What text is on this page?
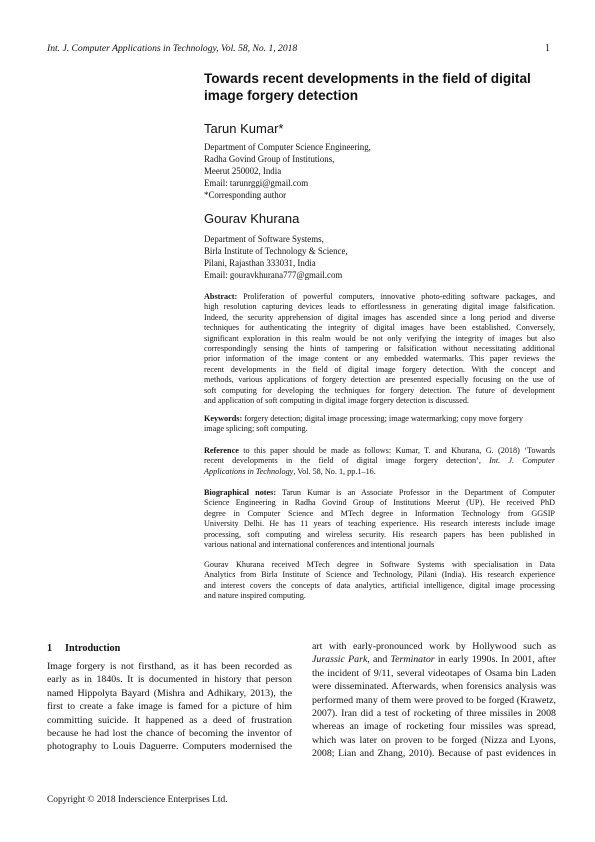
Int. J. Computer Applications in Technology, Vol. 58, No. 1, 2018	1
Towards recent developments in the field of digital
image forgery detection
Tarun Kumar*
Department of Computer Science Engineering,
Radha Govind Group of Institutions,
Meerut 250002, India
Email: tarunrggi@gmail.com
*Corresponding author
Gourav Khurana
Department of Software Systems,
Birla Institute of Technology & Science,
Pilani, Rajasthan 333031, India
Email: gouravkhurana777@gmail.com
Abstract: Proliferation of powerful computers, innovative photo-editing software packages, and
high resolution capturing devices leads to effortlessness in generating digital image falsification.
Indeed, the security apprehension of digital images has ascended since a long period and diverse
techniques for authenticating the integrity of digital images have been established. Conversely,
significant exploration in this realm would be not only verifying the integrity of images but also
correspondingly sensing the hints of tampering or falsification without necessitating additional
prior information of the image content or any embedded watermarks. This paper reviews the
recent developments in the field of digital image forgery detection. With the concept and
methods, various applications of forgery detection are presented especially focusing on the use of
soft computing for developing the techniques for forgery detection. The future of development
and application of soft computing in digital image forgery detection is discussed.
Keywords: forgery detection; digital image processing; image watermarking; copy move forgery
image splicing; soft computing.
Reference to this paper should be made as follows: Kumar, T. and Khurana, G. (2018) ‘Towards
recent developments in the field of digital image forgery detection’, Int. J. Computer
Applications in Technology, Vol. 58, No. 1, pp.1–16.
Biographical notes: Tarun Kumar is an Associate Professor in the Department of Computer
Science Engineering in Radha Govind Group of Institutions Meerut (UP). He received PhD
degree in Computer Science and MTech degree in Information Technology from GGSIP
University Delhi. He has 11 years of teaching experience. His research interests include image
processing, soft computing and wireless security. His research papers has been published in
various national and international conferences and intentional journals
Gourav Khurana received MTech degree in Software Systems with specialisation in Data
Analytics from Birla Institute of Science and Technology, Pilani (India). His research experience
and interest covers the concepts of data analytics, artificial intelligence, digital image processing
and nature inspired computing.
1 Introduction
Image forgery is not firsthand, as it has been recorded as
early as in 1840s. It is documented in history that person
named Hippolyta Bayard (Mishra and Adhikary, 2013), the
first to create a fake image is famed for a picture of him
committing suicide. It happened as a deed of frustration
because he had lost the chance of becoming the inventor of
photography to Louis Daguerre. Computers modernised the
art with early-pronounced work by Hollywood such as
Jurassic Park, and Terminator in early 1990s. In 2001, after
the incident of 9/11, several videotapes of Osama bin Laden
were disseminated. Afterwards, when forensics analysis was
performed many of them were proved to be forged (Krawetz,
2007). Iran did a test of rocketing of three missiles in 2008
whereas an image of rocketing four missiles was spread,
which was later on proven to be forged (Nizza and Lyons,
2008; Lian and Zhang, 2010). Because of past evidences in
Copyright © 2018 Inderscience Enterprises Ltd.
